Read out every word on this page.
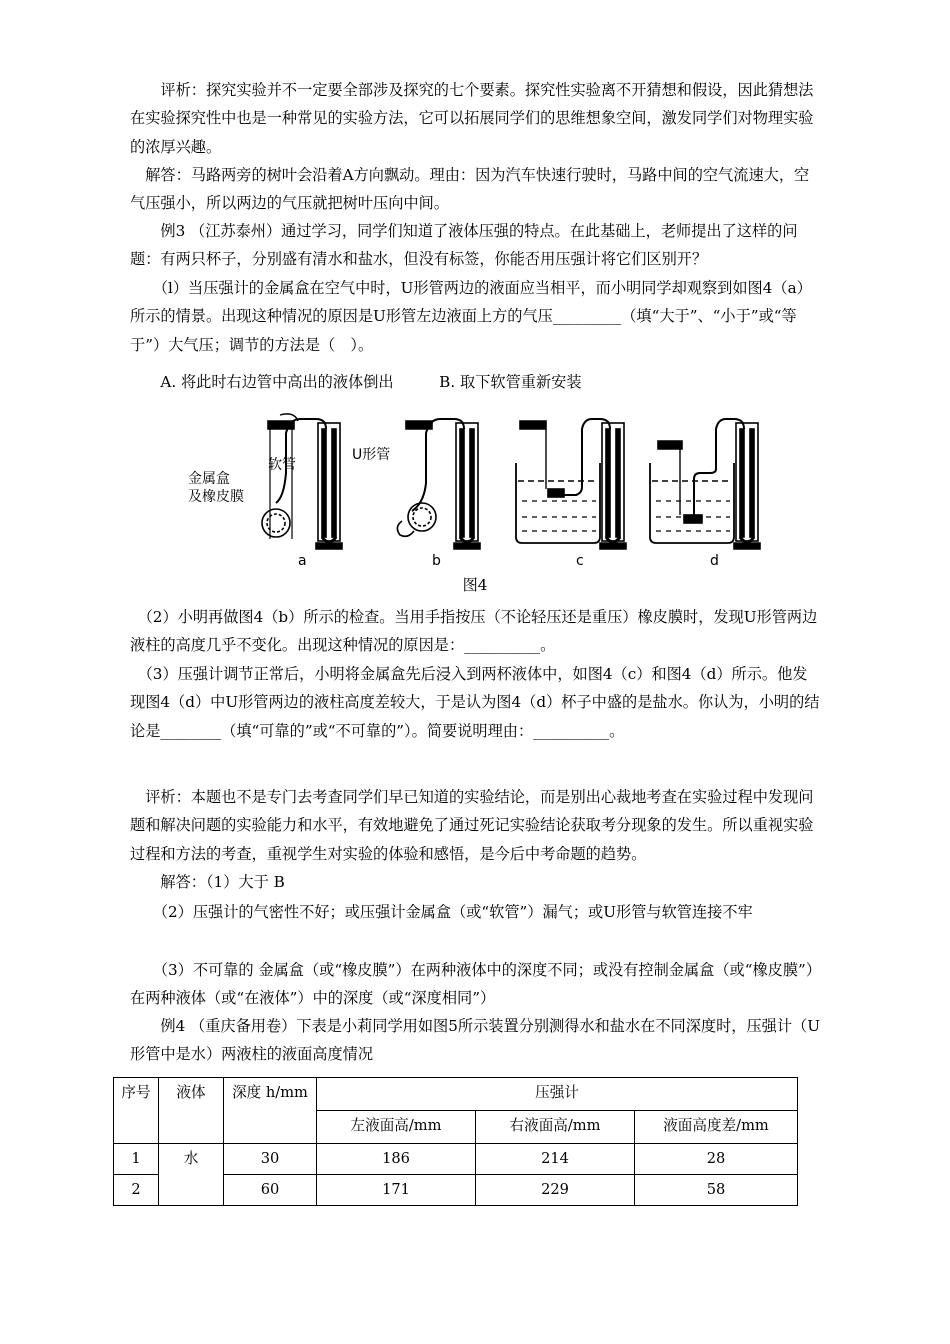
　　评析：探究实验并不一定要全部涉及探究的七个要素。探究性实验离不开猜想和假设，因此猜想法在实验探究性中也是一种常见的实验方法，它可以拓展同学们的思维想象空间，激发同学们对物理实验的浓厚兴趣。

　解答：马路两旁的树叶会沿着A方向飘动。理由：因为汽车快速行驶时，马路中间的空气流速大，空气压强小，所以两边的气压就把树叶压向中间。

　　例3 （江苏泰州）通过学习，同学们知道了液体压强的特点。在此基础上，老师提出了这样的问题：有两只杯子，分别盛有清水和盐水，但没有标签，你能否用压强计将它们区别开？

　　（l）当压强计的金属盒在空气中时，U形管两边的液面应当相平，而小明同学却观察到如图4（a）所示的情景。出现这种情况的原因是U形管左边液面上方的气压_________（填“大于”、“小于”或“等于”）大气压；调节的方法是（　）。

　　A. 将此时右边管中高出的液体倒出　　　B. 取下软管重新安装

金属盒
及橡皮膜
软管
U形管
a	b	c	d
图4

　（2）小明再做图4（b）所示的检查。当用手指按压（不论轻压还是重压）橡皮膜时，发现U形管两边液柱的高度几乎不变化。出现这种情况的原因是：__________。

　（3）压强计调节正常后，小明将金属盒先后浸入到两杯液体中，如图4（c）和图4（d）所示。他发现图4（d）中U形管两边的液柱高度差较大，于是认为图4（d）杯子中盛的是盐水。你认为，小明的结论是________（填“可靠的”或“不可靠的”）。简要说明理由：__________。

　评析：本题也不是专门去考查同学们早已知道的实验结论，而是别出心裁地考查在实验过程中发现问题和解决问题的实验能力和水平，有效地避免了通过死记实验结论获取考分现象的发生。所以重视实验过程和方法的考查，重视学生对实验的体验和感悟，是今后中考命题的趋势。

　　解答：（1）大于 B

　　（2）压强计的气密性不好；或压强计金属盒（或“软管”）漏气；或U形管与软管连接不牢

　　（3）不可靠的 金属盒（或“橡皮膜”）在两种液体中的深度不同；或没有控制金属盒（或“橡皮膜”）在两种液体（或“在液体”）中的深度（或“深度相同”）

　　例4 （重庆备用卷）下表是小莉同学用如图5所示装置分别测得水和盐水在不同深度时，压强计（U形管中是水）两液柱的液面高度情况

序号	液体	深度 h/mm	压强计		
			左液面高/mm	右液面高/mm	液面高度差/mm
1	水	30	186	214	28
2		60	171	229	58
